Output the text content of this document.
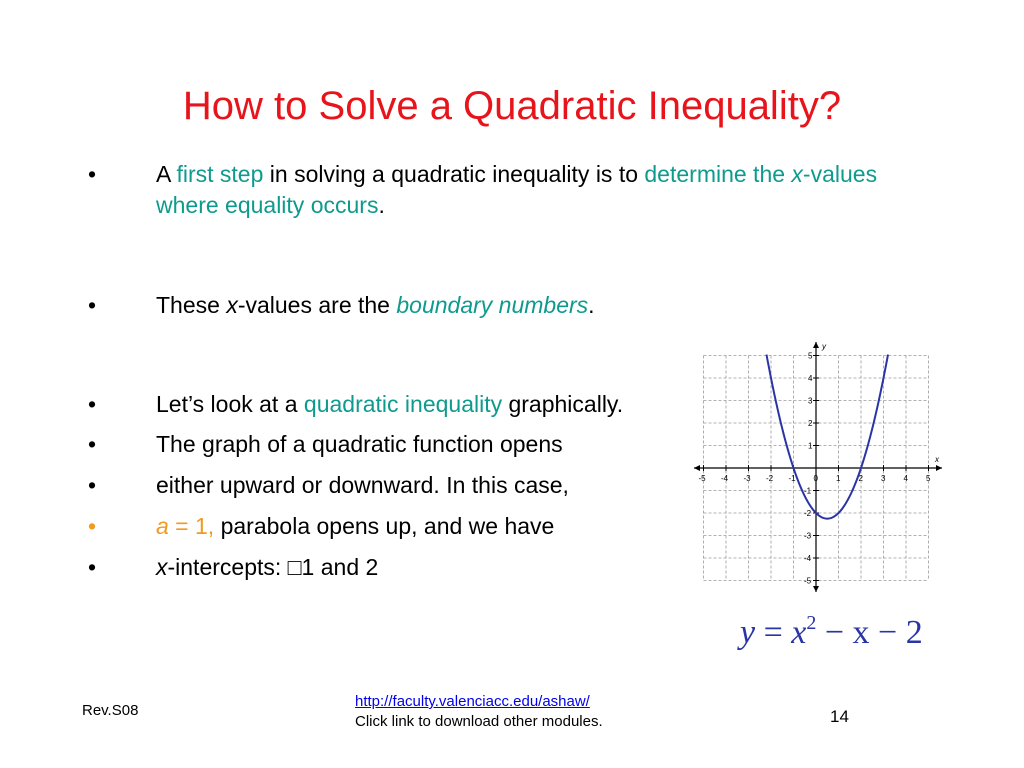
How to Solve a Quadratic Inequality?
•	A first step in solving a quadratic inequality is to determine the x-values where equality occurs.
•	These x-values are the boundary numbers.
•	Let’s look at a quadratic inequality graphically.
•	The graph of a quadratic function opens
•	either upward or downward. In this case,
•	a = 1, parabola opens up, and we have
•	x-intercepts: □1 and 2
x
y
-5 -4 -3 -2 -1 0 1 2 3 4 5
-5
-4
-3
-2
-1
1
2
3
4
5
$y = x^2 - x - 2$
Rev.S08
http://faculty.valenciacc.edu/ashaw/
Click link to download other modules.	14
